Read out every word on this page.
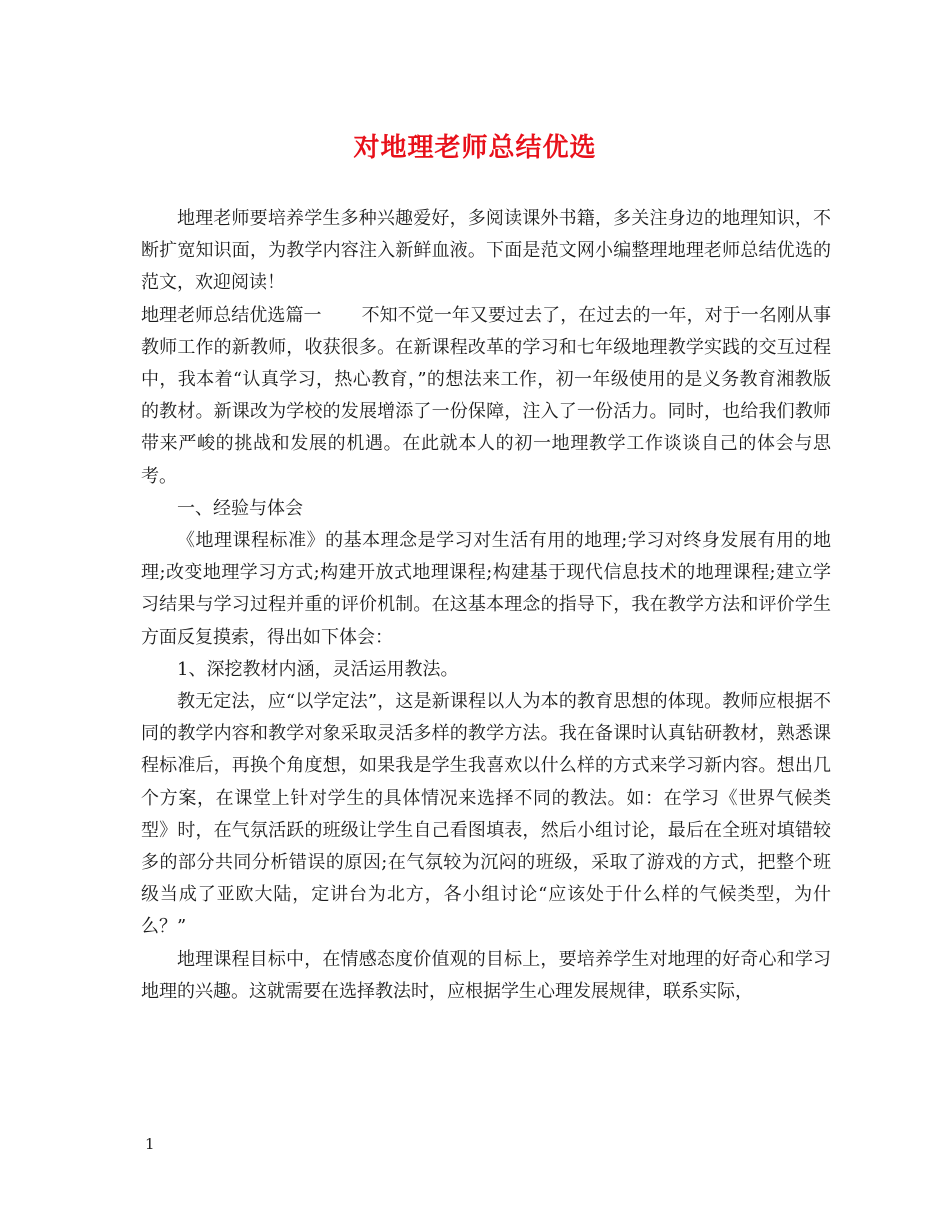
对地理老师总结优选

地理老师要培养学生多种兴趣爱好，多阅读课外书籍，多关注身边的地理知识，不断扩宽知识面，为教学内容注入新鲜血液。下面是范文网小编整理地理老师总结优选的范文，欢迎阅读！

地理老师总结优选篇一 不知不觉一年又要过去了，在过去的一年，对于一名刚从事教师工作的新教师，收获很多。在新课程改革的学习和七年级地理教学实践的交互过程中，我本着“认真学习，热心教育，”的想法来工作，初一年级使用的是义务教育湘教版的教材。新课改为学校的发展增添了一份保障，注入了一份活力。同时，也给我们教师带来严峻的挑战和发展的机遇。在此就本人的初一地理教学工作谈谈自己的体会与思考。

一、经验与体会

《地理课程标准》的基本理念是学习对生活有用的地理;学习对终身发展有用的地理;改变地理学习方式;构建开放式地理课程;构建基于现代信息技术的地理课程;建立学习结果与学习过程并重的评价机制。在这基本理念的指导下，我在教学方法和评价学生方面反复摸索，得出如下体会：

1、深挖教材内涵，灵活运用教法。

教无定法，应“以学定法”，这是新课程以人为本的教育思想的体现。教师应根据不同的教学内容和教学对象采取灵活多样的教学方法。我在备课时认真钻研教材，熟悉课程标准后，再换个角度想，如果我是学生我喜欢以什么样的方式来学习新内容。想出几个方案，在课堂上针对学生的具体情况来选择不同的教法。如：在学习《世界气候类型》时，在气氛活跃的班级让学生自己看图填表，然后小组讨论，最后在全班对填错较多的部分共同分析错误的原因;在气氛较为沉闷的班级，采取了游戏的方式，把整个班级当成了亚欧大陆，定讲台为北方，各小组讨论“应该处于什么样的气候类型，为什么？”

地理课程目标中，在情感态度价值观的目标上，要培养学生对地理的好奇心和学习地理的兴趣。这就需要在选择教法时，应根据学生心理发展规律，联系实际，

1
